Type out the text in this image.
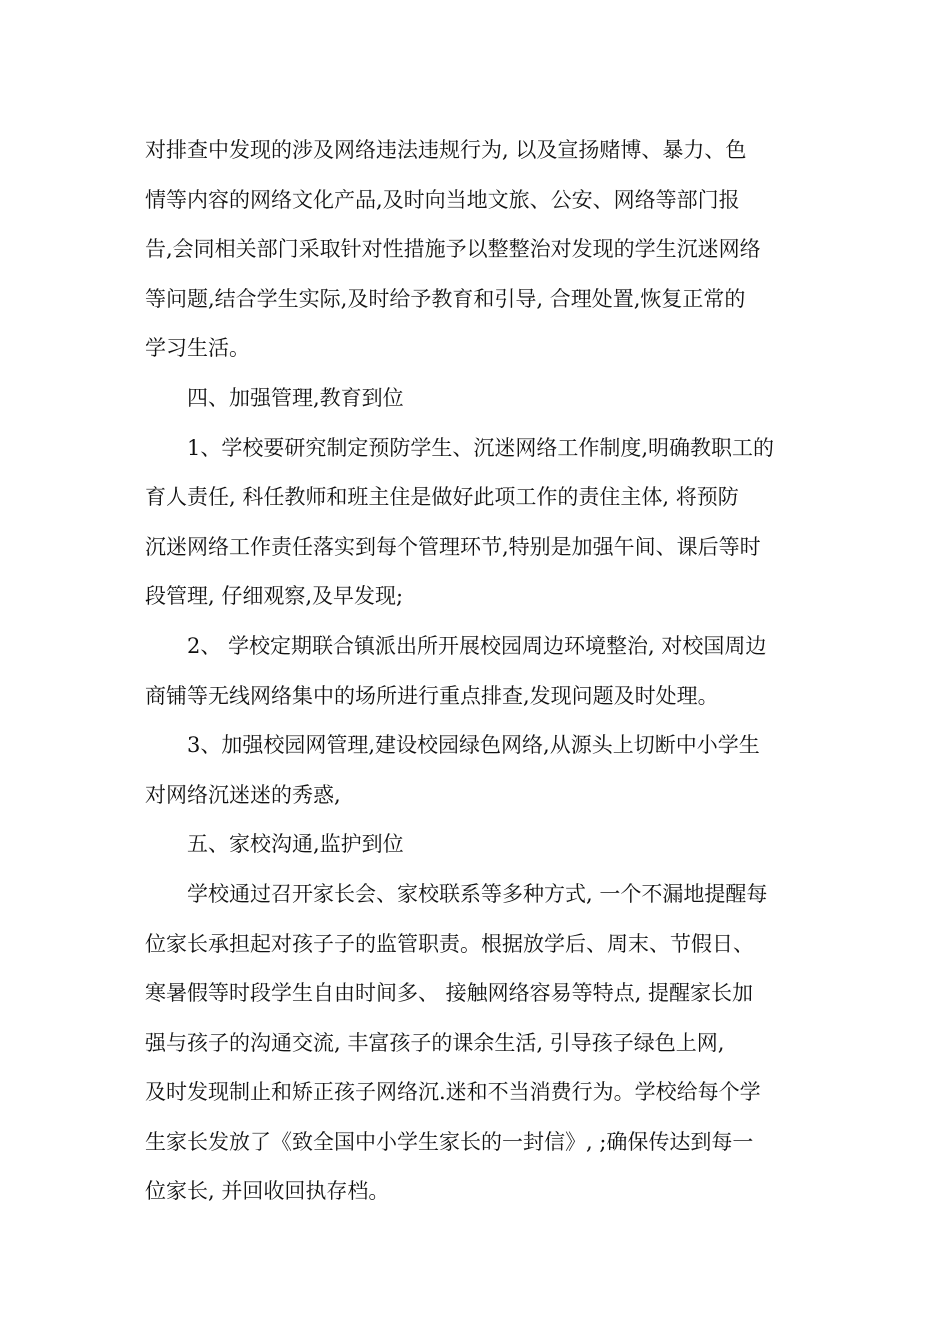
对排查中发现的涉及网络违法违规行为, 以及宣扬赌博、暴力、色
情等内容的网络文化产品,及时向当地文旅、公安、网络等部门报
告,会同相关部门采取针对性措施予以整整治对发现的学生沉迷网络
等问题,结合学生实际,及时给予教育和引导, 合理处置,恢复正常的
学习生活。
四、加强管理,教育到位
1、学校要研究制定预防学生、沉迷网络工作制度,明确教职工的
育人责任, 科任教师和班主住是做好此项工作的责住主体, 将预防
沉迷网络工作责任落实到每个管理环节,特别是加强午间、课后等时
段管理, 仔细观察,及早发现;
2、 学校定期联合镇派出所开展校园周边环境整治, 对校国周边
商铺等无线网络集中的场所进行重点排查,发现问题及时处理。
3、加强校园网管理,建设校园绿色网络,从源头上切断中小学生
对网络沉迷迷的秀惑,
五、家校沟通,监护到位
学校通过召开家长会、家校联系等多种方式, 一个不漏地提醒每
位家长承担起对孩子子的监管职责。根据放学后、周末、节假日、
寒暑假等时段学生自由时间多、 接触网络容易等特点, 提醒家长加
强与孩子的沟通交流, 丰富孩子的课余生活, 引导孩子绿色上网,
及时发现制止和矫正孩子网络沉.迷和不当消费行为。学校给每个学
生家长发放了《致全国中小学生家长的一封信》, ;确保传达到每一
位家长, 并回收回执存档。
